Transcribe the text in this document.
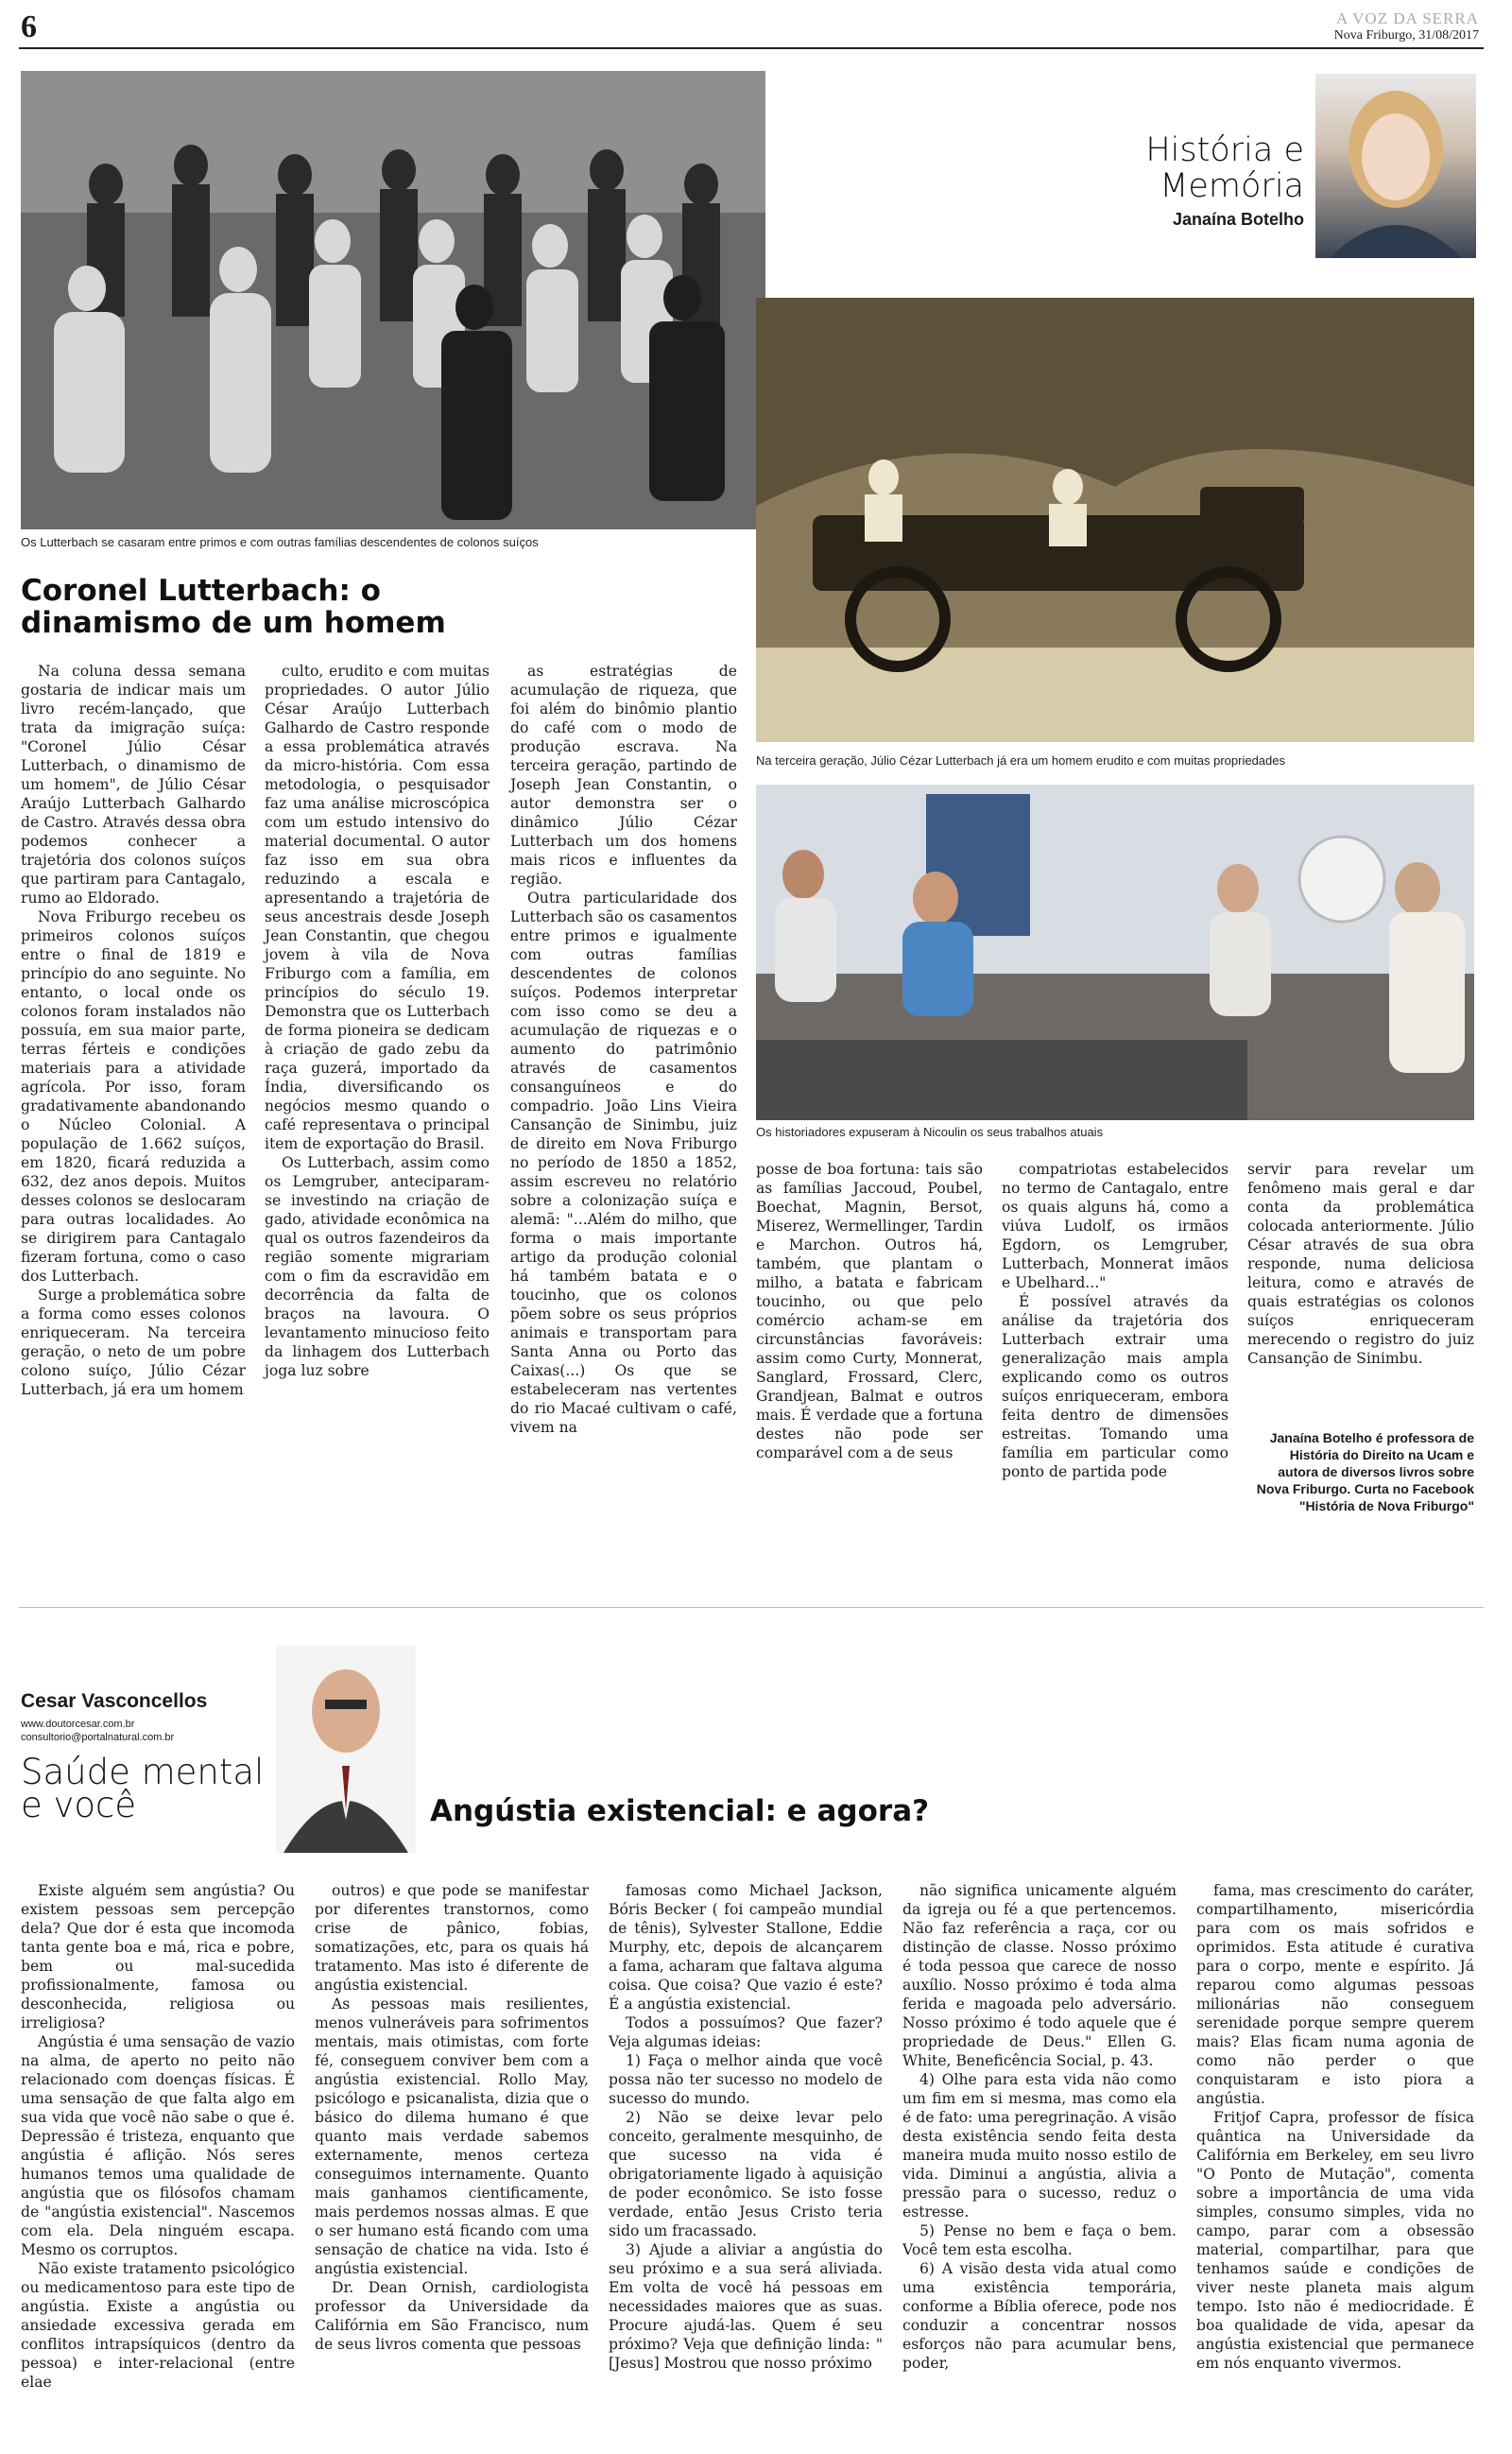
6	A VOZ DA SERRA
Nova Friburgo, 31/08/2017
Os Lutterbach se casaram entre primos e com outras famílias descendentes de colonos suíços
História e
Memória
Janaína Botelho
Na terceira geração, Júlio Cézar Lutterbach já era um homem erudito e com muitas propriedades
Os historiadores expuseram à Nicoulin os seus trabalhos atuais
Coronel Lutterbach: o
dinamismo de um homem

Na coluna dessa semana gostaria de indicar mais um livro recém-lançado, que trata da imigração suíça: "Coronel Júlio César Lutterbach, o dinamismo de um homem", de Júlio César Araújo Lutterbach Galhardo de Castro. Através dessa obra podemos conhecer a trajetória dos colonos suíços que partiram para Cantagalo, rumo ao Eldorado.

Nova Friburgo recebeu os primeiros colonos suíços entre o final de 1819 e princípio do ano seguinte. No entanto, o local onde os colonos foram instalados não possuía, em sua maior parte, terras férteis e condições materiais para a atividade agrícola. Por isso, foram gradativamente abandonando o Núcleo Colonial. A população de 1.662 suíços, em 1820, ficará reduzida a 632, dez anos depois. Muitos desses colonos se deslocaram para outras localidades. Ao se dirigirem para Cantagalo fizeram fortuna, como o caso dos Lutterbach.

Surge a problemática sobre a forma como esses colonos enriqueceram. Na terceira geração, o neto de um pobre colono suíço, Júlio Cézar Lutterbach, já era um homem

culto, erudito e com muitas propriedades. O autor Júlio César Araújo Lutterbach Galhardo de Castro responde a essa problemática através da micro-história. Com essa metodologia, o pesquisador faz uma análise microscópica com um estudo intensivo do material documental. O autor faz isso em sua obra reduzindo a escala e apresentando a trajetória de seus ancestrais desde Joseph Jean Constantin, que chegou jovem à vila de Nova Friburgo com a família, em princípios do século 19. Demonstra que os Lutterbach de forma pioneira se dedicam à criação de gado zebu da raça guzerá, importado da Índia, diversificando os negócios mesmo quando o café representava o principal item de exportação do Brasil.

Os Lutterbach, assim como os Lemgruber, anteciparam-se investindo na criação de gado, atividade econômica na qual os outros fazendeiros da região somente migrariam com o fim da escravidão em decorrência da falta de braços na lavoura. O levantamento minucioso feito da linhagem dos Lutterbach joga luz sobre

as estratégias de acumulação de riqueza, que foi além do binômio plantio do café com o modo de produção escrava. Na terceira geração, partindo de Joseph Jean Constantin, o autor demonstra ser o dinâmico Júlio Cézar Lutterbach um dos homens mais ricos e influentes da região.

Outra particularidade dos Lutterbach são os casamentos entre primos e igualmente com outras famílias descendentes de colonos suíços. Podemos interpretar com isso como se deu a acumulação de riquezas e o aumento do patrimônio através de casamentos consanguíneos e do compadrio. João Lins Vieira Cansanção de Sinimbu, juiz de direito em Nova Friburgo no período de 1850 a 1852, assim escreveu no relatório sobre a colonização suíça e alemã: "...Além do milho, que forma o mais importante artigo da produção colonial há também batata e o toucinho, que os colonos põem sobre os seus próprios animais e transportam para Santa Anna ou Porto das Caixas(...) Os que se estabeleceram nas vertentes do rio Macaé cultivam o café, vivem na

posse de boa fortuna: tais são as famílias Jaccoud, Poubel, Boechat, Magnin, Bersot, Miserez, Wermellinger, Tardin e Marchon. Outros há, também, que plantam o milho, a batata e fabricam toucinho, ou que pelo comércio acham-se em circunstâncias favoráveis: assim como Curty, Monnerat, Sanglard, Frossard, Clerc, Grandjean, Balmat e outros mais. É verdade que a fortuna destes não pode ser comparável com a de seus

compatriotas estabelecidos no termo de Cantagalo, entre os quais alguns há, como a viúva Ludolf, os irmãos Egdorn, os Lemgruber, Lutterbach, Monnerat imãos e Ubelhard..."

É possível através da análise da trajetória dos Lutterbach extrair uma generalização mais ampla explicando como os outros suíços enriqueceram, embora feita dentro de dimensões estreitas. Tomando uma família em particular como ponto de partida pode

servir para revelar um fenômeno mais geral e dar conta da problemática colocada anteriormente. Júlio César através de sua obra responde, numa deliciosa leitura, como e através de quais estratégias os colonos suíços enriqueceram merecendo o registro do juiz Cansanção de Sinimbu.
Janaína Botelho é professora de História do Direito na Ucam e autora de diversos livros sobre Nova Friburgo. Curta no Facebook "História de Nova Friburgo"
Cesar Vasconcellos
www.doutorcesar.com.br
consultorio@portalnatural.com.br
Saúde mental
e você	Angústia existencial: e agora?

Existe alguém sem angústia? Ou existem pessoas sem percepção dela? Que dor é esta que incomoda tanta gente boa e má, rica e pobre, bem ou mal-sucedida profissionalmente, famosa ou desconhecida, religiosa ou irreligiosa?

Angústia é uma sensação de vazio na alma, de aperto no peito não relacionado com doenças físicas. É uma sensação de que falta algo em sua vida que você não sabe o que é. Depressão é tristeza, enquanto que angústia é aflição. Nós seres humanos temos uma qualidade de angústia que os filósofos chamam de "angústia existencial". Nascemos com ela. Dela ninguém escapa. Mesmo os corruptos.

Não existe tratamento psicológico ou medicamentoso para este tipo de angústia. Existe a angústia ou ansiedade excessiva gerada em conflitos intrapsíquicos (dentro da pessoa) e inter-relacional (entre elae

outros) e que pode se manifestar por diferentes transtornos, como crise de pânico, fobias, somatizações, etc, para os quais há tratamento. Mas isto é diferente de angústia existencial.

As pessoas mais resilientes, menos vulneráveis para sofrimentos mentais, mais otimistas, com forte fé, conseguem conviver bem com a angústia existencial. Rollo May, psicólogo e psicanalista, dizia que o básico do dilema humano é que quanto mais verdade sabemos externamente, menos certeza conseguimos internamente. Quanto mais ganhamos cientificamente, mais perdemos nossas almas. E que o ser humano está ficando com uma sensação de chatice na vida. Isto é angústia existencial.

Dr. Dean Ornish, cardiologista professor da Universidade da Califórnia em São Francisco, num de seus livros comenta que pessoas

famosas como Michael Jackson, Bóris Becker ( foi campeão mundial de tênis), Sylvester Stallone, Eddie Murphy, etc, depois de alcançarem a fama, acharam que faltava alguma coisa. Que coisa? Que vazio é este? É a angústia existencial.

Todos a possuímos? Que fazer? Veja algumas ideias:

1) Faça o melhor ainda que você possa não ter sucesso no modelo de sucesso do mundo.

2) Não se deixe levar pelo conceito, geralmente mesquinho, de que sucesso na vida é obrigatoriamente ligado à aquisição de poder econômico. Se isto fosse verdade, então Jesus Cristo teria sido um fracassado.

3) Ajude a aliviar a angústia do seu próximo e a sua será aliviada. Em volta de você há pessoas em necessidades maiores que as suas. Procure ajudá-las. Quem é seu próximo? Veja que definição linda: "[Jesus] Mostrou que nosso próximo

não significa unicamente alguém da igreja ou fé a que pertencemos. Não faz referência a raça, cor ou distinção de classe. Nosso próximo é toda pessoa que carece de nosso auxílio. Nosso próximo é toda alma ferida e magoada pelo adversário. Nosso próximo é todo aquele que é propriedade de Deus." Ellen G. White, Beneficência Social, p. 43.

4) Olhe para esta vida não como um fim em si mesma, mas como ela é de fato: uma peregrinação. A visão desta existência sendo feita desta maneira muda muito nosso estilo de vida. Diminui a angústia, alivia a pressão para o sucesso, reduz o estresse.

5) Pense no bem e faça o bem. Você tem esta escolha.

6) A visão desta vida atual como uma existência temporária, conforme a Bíblia oferece, pode nos conduzir a concentrar nossos esforços não para acumular bens, poder,

fama, mas crescimento do caráter, compartilhamento, misericórdia para com os mais sofridos e oprimidos. Esta atitude é curativa para o corpo, mente e espírito. Já reparou como algumas pessoas milionárias não conseguem serenidade porque sempre querem mais? Elas ficam numa agonia de como não perder o que conquistaram e isto piora a angústia.

Fritjof Capra, professor de física quântica na Universidade da Califórnia em Berkeley, em seu livro "O Ponto de Mutação", comenta sobre a importância de uma vida simples, consumo simples, vida no campo, parar com a obsessão material, compartilhar, para que tenhamos saúde e condições de viver neste planeta mais algum tempo. Isto não é mediocridade. É boa qualidade de vida, apesar da angústia existencial que permanece em nós enquanto vivermos.
